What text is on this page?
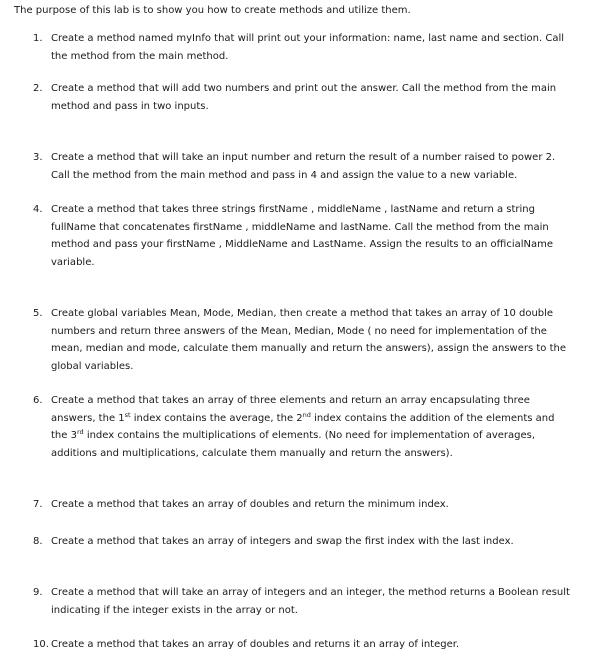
The purpose of this lab is to show you how to create methods and utilize them.
1. Create a method named myInfo that will print out your information: name, last name and section. Call
the method from the main method.
2. Create a method that will add two numbers and print out the answer. Call the method from the main
method and pass in two inputs.
3. Create a method that will take an input number and return the result of a number raised to power 2.
Call the method from the main method and pass in 4 and assign the value to a new variable.
4. Create a method that takes three strings firstName , middleName , lastName and return a string
fullName that concatenates firstName , middleName and lastName. Call the method from the main
method and pass your firstName , MiddleName and LastName. Assign the results to an officialName
variable.
5. Create global variables Mean, Mode, Median, then create a method that takes an array of 10 double
numbers and return three answers of the Mean, Median, Mode ( no need for implementation of the
mean, median and mode, calculate them manually and return the answers), assign the answers to the
global variables.
6. Create a method that takes an array of three elements and return an array encapsulating three
answers, the 1st index contains the average, the 2nd index contains the addition of the elements and
the 3rd index contains the multiplications of elements. (No need for implementation of averages,
additions and multiplications, calculate them manually and return the answers).
7. Create a method that takes an array of doubles and return the minimum index.
8. Create a method that takes an array of integers and swap the first index with the last index.
9. Create a method that will take an array of integers and an integer, the method returns a Boolean result
indicating if the integer exists in the array or not.
10. Create a method that takes an array of doubles and returns it an array of integer.
